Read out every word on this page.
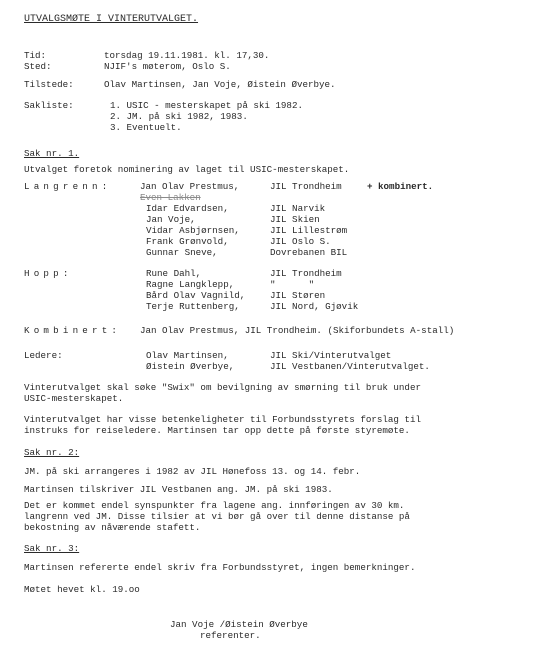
UTVALGSMØTE I VINTERUTVALGET.
Tid:	torsdag 19.11.1981. kl. 17,30.
Sted:	NJIF's møterom, Oslo S.
Tilstede:	Olav Martinsen, Jan Voje, Øistein Øverbye.
Sakliste:	1. USIC - mesterskapet på ski 1982.
2. JM. på ski 1982, 1983.
3. Eventuelt.
Sak nr. 1.
Utvalget foretok nominering av laget til USIC-mesterskapet.
Langrenn:	Jan Olav Prestmus,	JIL Trondheim	+ kombinert.
Even Lakken
Idar Edvardsen,	JIL Narvik
Jan Voje,	JIL Skien
Vidar Asbjørnsen,	JIL Lillestrøm
Frank Grønvold,	JIL Oslo S.
Gunnar Sneve,	Dovrebanen BIL
Hopp:	Rune Dahl,	JIL Trondheim
Ragne Langklepp,	"      "
Bård Olav Vagnild,	JIL Støren
Terje Ruttenberg,	JIL Nord, Gjøvik
Kombinert: Jan Olav Prestmus, JIL Trondheim. (Skiforbundets A-stall)
Ledere:	Olav Martinsen,	JIL Ski/Vinterutvalget
Øistein Øverbye,	JIL Vestbanen/Vinterutvalget.
Vinterutvalget skal søke "Swix" om bevilgning av smørning til bruk under
USIC-mesterskapet.
Vinterutvalget har visse betenkeligheter til Forbundsstyrets forslag til
instruks for reiseledere. Martinsen tar opp dette på første styremøte.
Sak nr. 2:
JM. på ski arrangeres i 1982 av JIL Hønefoss 13. og 14. febr.
Martinsen tilskriver JIL Vestbanen ang. JM. på ski 1983.
Det er kommet endel synspunkter fra lagene ang. innføringen av 30 km.
langrenn ved JM. Disse tilsier at vi bør gå over til denne distanse på
bekostning av nåværende stafett.
Sak nr. 3:
Martinsen refererte endel skriv fra Forbundsstyret, ingen bemerkninger.
Møtet hevet kl. 19.oo
Jan Voje /Øistein Øverbye
referenter.
